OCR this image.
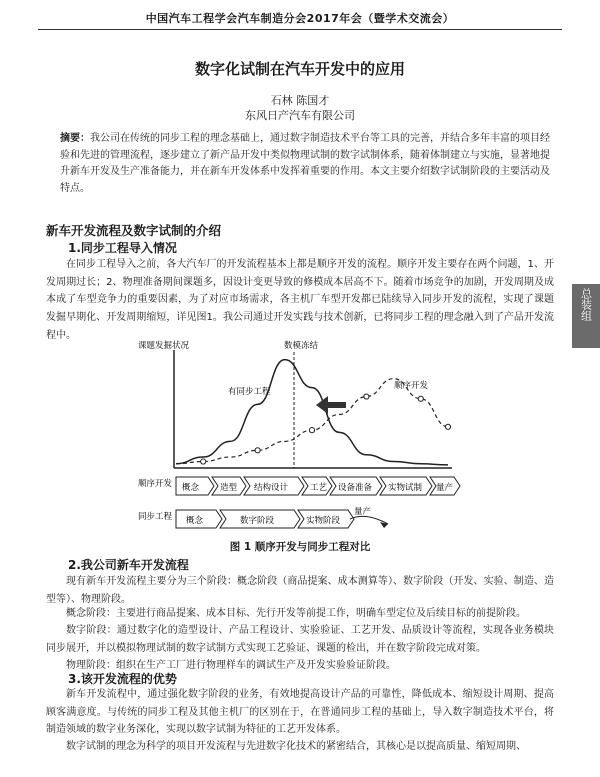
中国汽车工程学会汽车制造分会2017年会（暨学术交流会）
数字化试制在汽车开发中的应用
石林 陈国才
东风日产汽车有限公司
摘要：我公司在传统的同步工程的理念基础上，通过数字制造技术平台等工具的完善，并结合多年丰富的项目经验和先进的管理流程，逐步建立了新产品开发中类似物理试制的数字试制体系，随着体制建立与实施，显著地提升新车开发及生产准备能力，并在新车开发体系中发挥着重要的作用。本文主要介绍数字试制阶段的主要活动及特点。
新车开发流程及数字试制的介绍
1.同步工程导入情况
在同步工程导入之前，各大汽车厂的开发流程基本上都是顺序开发的流程。顺序开发主要存在两个问题，1、开发周期过长；2、物理准备期间课题多，因设计变更导致的修模成本居高不下。随着市场竞争的加剧，开发周期及成本成了车型竞争力的重要因素，为了对应市场需求，各主机厂车型开发都已陆续导入同步开发的流程，实现了课题发掘早期化、开发周期缩短，详见图1。我公司通过开发实践与技术创新，已将同步工程的理念融入到了产品开发流程中。
总装组
课题发掘状况	数模冻结
有同步工程
顺序开发
顺序开发
同步工程
概念 造型 结构设计	工艺 设备准备 实物试制 量产
概念	数字阶段	实物阶段
量产
图 1 顺序开发与同步工程对比
2.我公司新车开发流程
现有新车开发流程主要分为三个阶段：概念阶段（商品提案、成本测算等）、数字阶段（开发、实验、制造、造型等）、物理阶段。
概念阶段：主要进行商品提案、成本目标、先行开发等前提工作，明确车型定位及后续目标的前提阶段。
数字阶段：通过数字化的造型设计、产品工程设计、实验验证、工艺开发、品质设计等流程，实现各业务模块同步展开，并以模拟物理试制的数字试制方式实现工艺验证、课题的检出，并在数字阶段完成对策。
物理阶段：组织在生产工厂进行物理样车的调试生产及开发实验验证阶段。
3.该开发流程的优势
新车开发流程中，通过强化数字阶段的业务，有效地提高设计产品的可靠性，降低成本、缩短设计周期、提高顾客满意度。与传统的同步工程及其他主机厂的区别在于，在普通同步工程的基础上，导入数字制造技术平台，将制造领域的数字业务深化，实现以数字试制为特征的工艺开发体系。
数字试制的理念为科学的项目开发流程与先进数字化技术的紧密结合，其核心是以提高质量、缩短周期、
